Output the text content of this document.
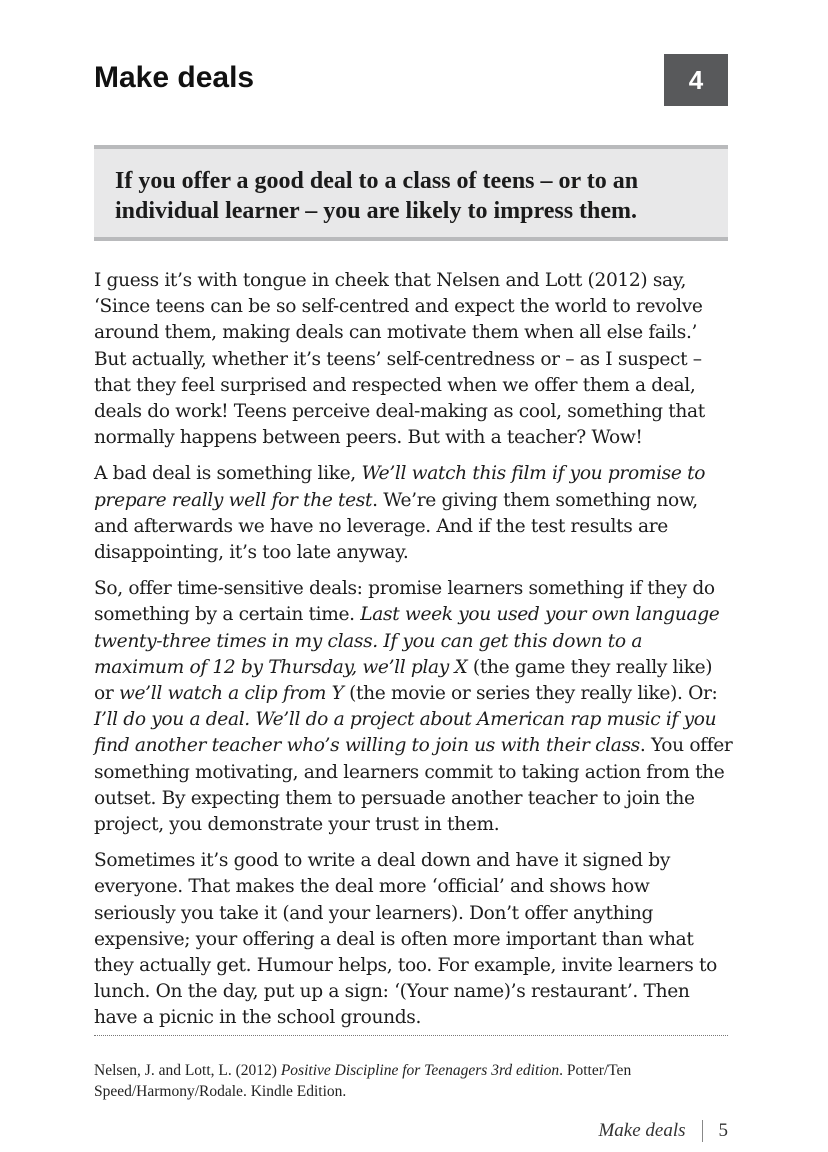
Make deals	4

If you offer a good deal to a class of teens – or to an individual learner – you are likely to impress them.

I guess it’s with tongue in cheek that Nelsen and Lott (2012) say, ‘Since teens can be so self-centred and expect the world to revolve around them, making deals can motivate them when all else fails.’ But actually, whether it’s teens’ self-centredness or – as I suspect – that they feel surprised and respected when we offer them a deal, deals do work! Teens perceive deal-making as cool, something that normally happens between peers. But with a teacher? Wow!

A bad deal is something like, We’ll watch this film if you promise to prepare really well for the test. We’re giving them something now, and afterwards we have no leverage. And if the test results are disappointing, it’s too late anyway.

So, offer time-sensitive deals: promise learners something if they do something by a certain time. Last week you used your own language twenty-three times in my class. If you can get this down to a maximum of 12 by Thursday, we’ll play X (the game they really like) or we’ll watch a clip from Y (the movie or series they really like). Or: I’ll do you a deal. We’ll do a project about American rap music if you find another teacher who’s willing to join us with their class. You offer something motivating, and learners commit to taking action from the outset. By expecting them to persuade another teacher to join the project, you demonstrate your trust in them.

Sometimes it’s good to write a deal down and have it signed by everyone. That makes the deal more ‘official’ and shows how seriously you take it (and your learners). Don’t offer anything expensive; your offering a deal is often more important than what they actually get. Humour helps, too. For example, invite learners to lunch. On the day, put up a sign: ‘(Your name)’s restaurant’. Then have a picnic in the school grounds.

Nelsen, J. and Lott, L. (2012) Positive Discipline for Teenagers 3rd edition. Potter/Ten Speed/Harmony/Rodale. Kindle Edition.
Make deals 5
